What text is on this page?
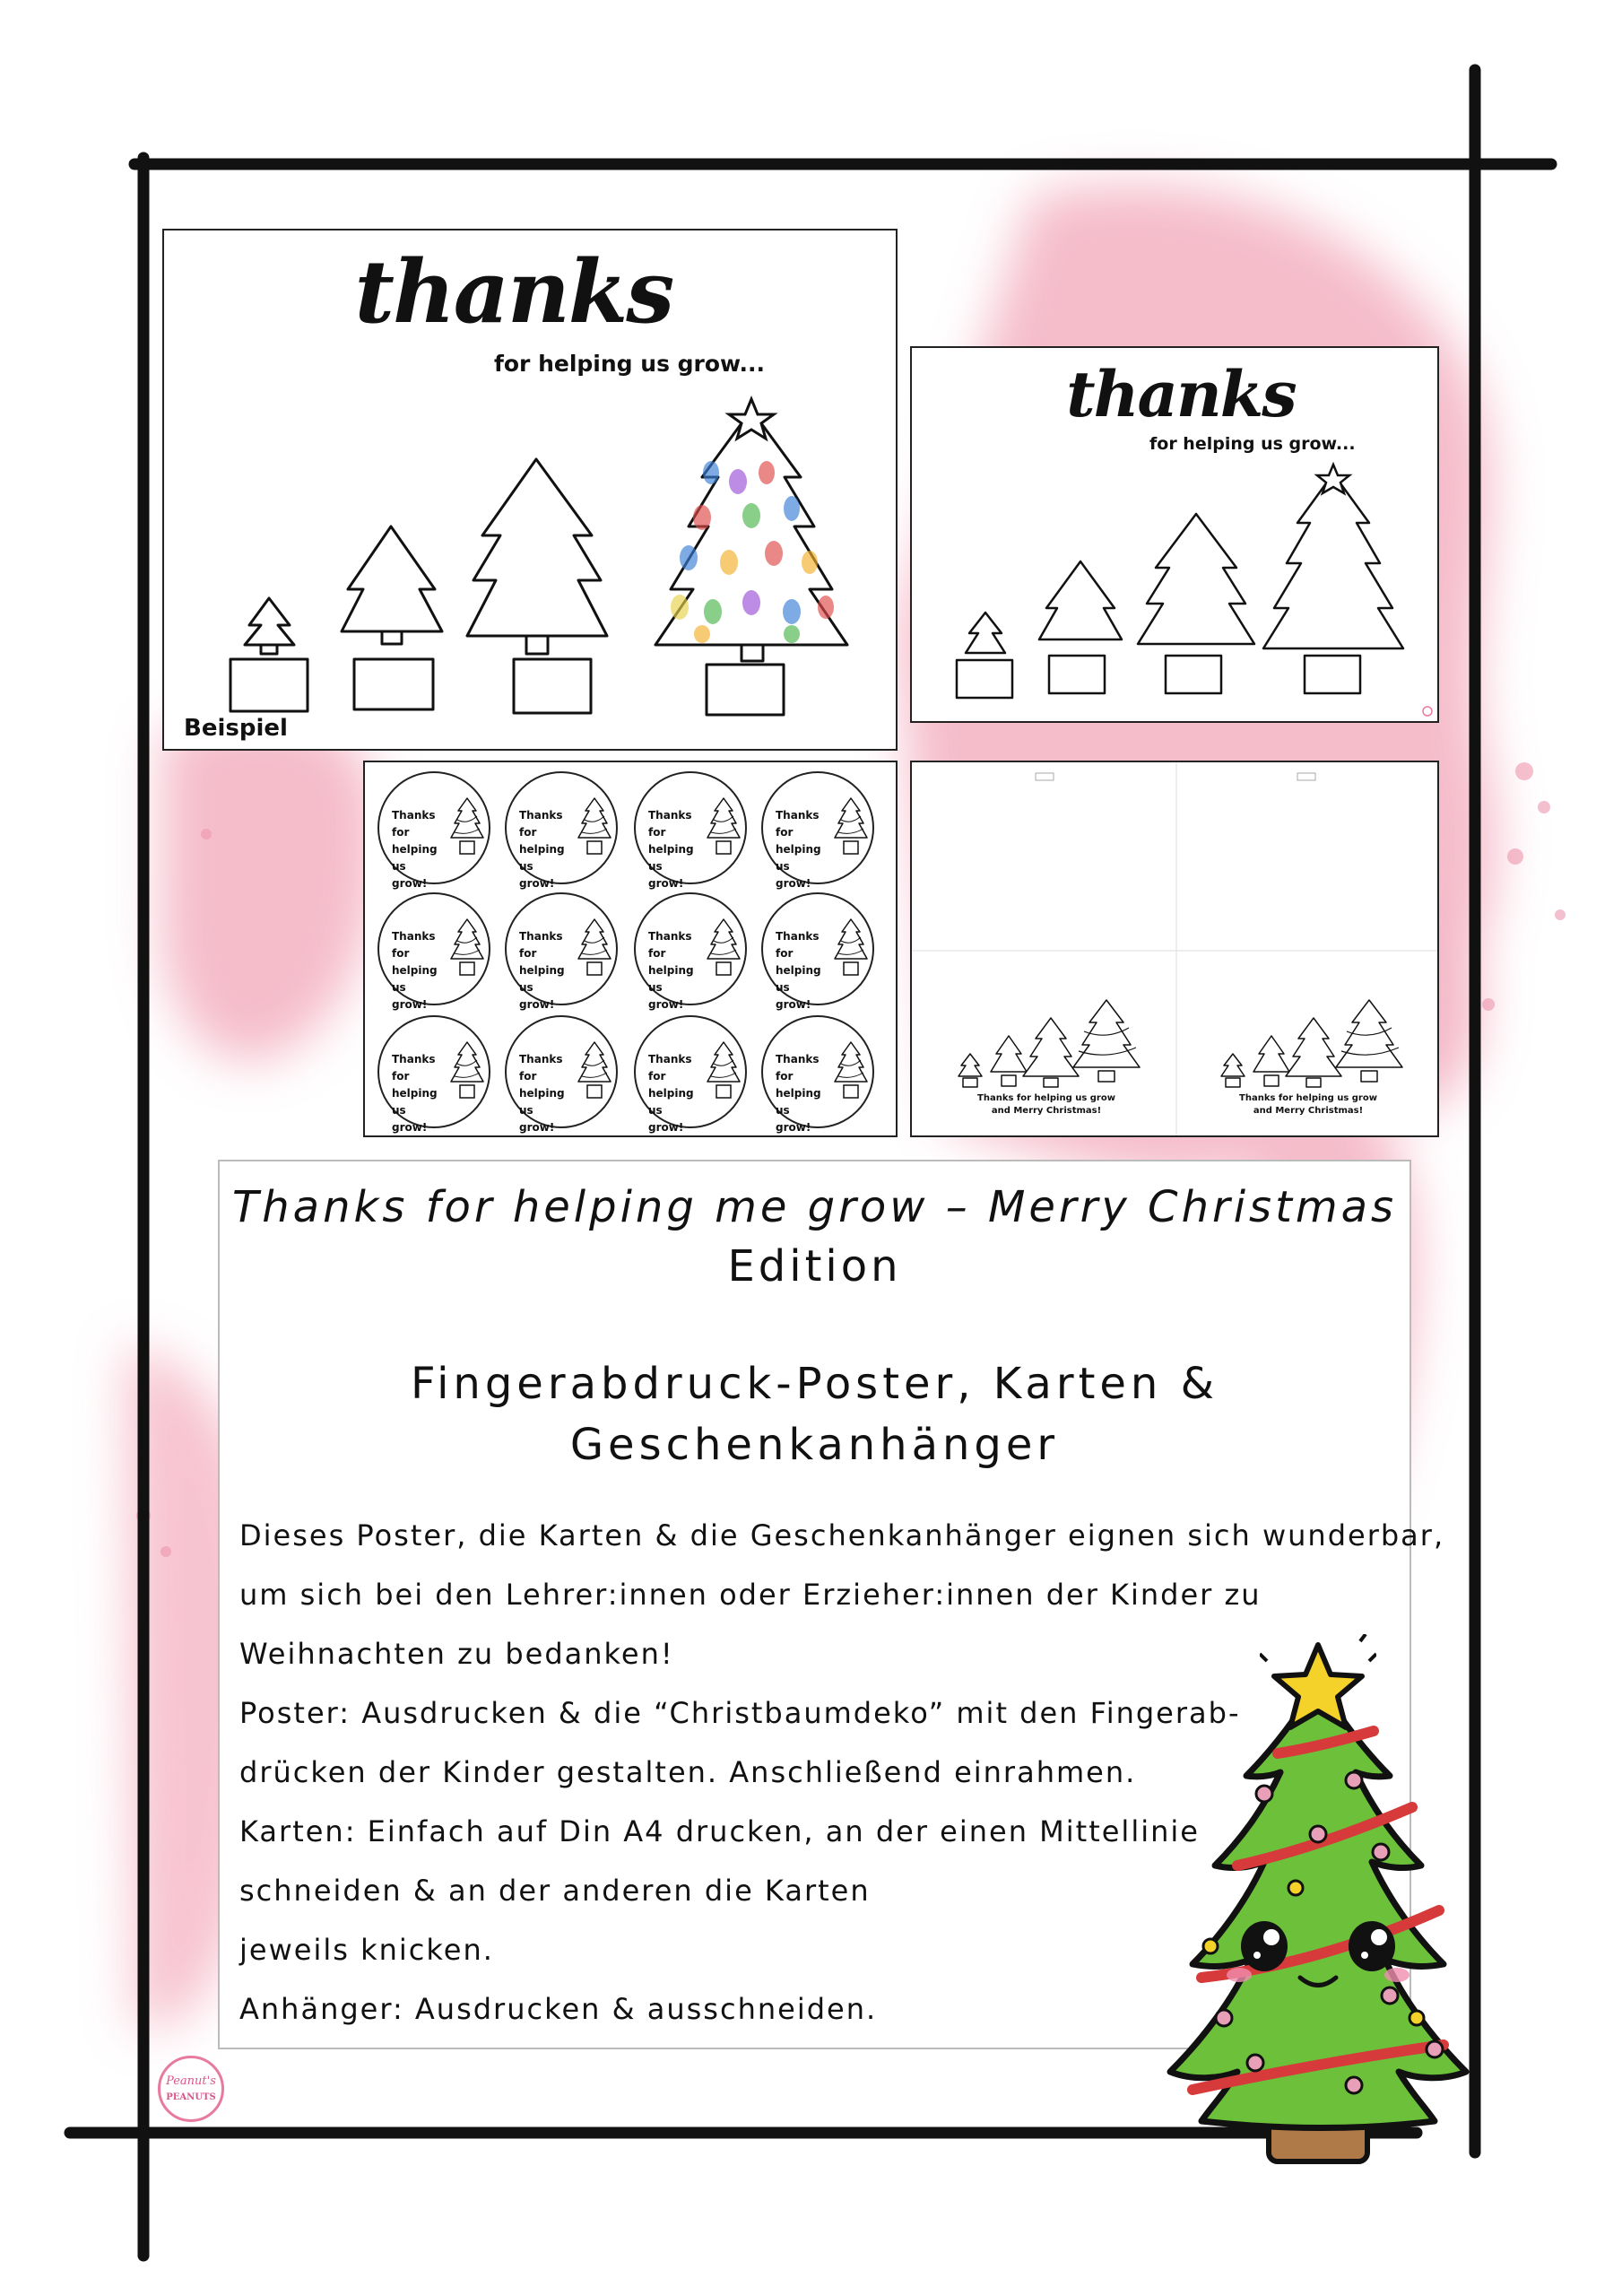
thanks
for helping us grow...
Beispiel
thanks
for helping us grow...
Thanks for
helping us
grow!
Thanks for
helping us
grow!
Thanks for
helping us
grow!
Thanks for
helping us
grow!
Thanks for
helping us
grow!
Thanks for
helping us
grow!
Thanks for
helping us
grow!
Thanks for
helping us
grow!
Thanks for
helping us
grow!
Thanks for
helping us
grow!
Thanks for
helping us
grow!
Thanks for
helping us
grow!
Thanks for helping us grow
and Merry Christmas!
Thanks for helping us grow
and Merry Christmas!
Thanks for helping me grow – Merry Christmas
Edition
Fingerabdruck-Poster, Karten &
Geschenkanhänger
Dieses Poster, die Karten & die Geschenkanhänger eignen sich wunderbar,
um sich bei den Lehrer:innen oder Erzieher:innen der Kinder zu
Weihnachten zu bedanken!
Poster: Ausdrucken & die “Christbaumdeko” mit den Fingerab-
drücken der Kinder gestalten. Anschließend einrahmen.
Karten: Einfach auf Din A4 drucken, an der einen Mittellinie
schneiden & an der anderen die Karten
jeweils knicken.
Anhänger: Ausdrucken & ausschneiden.
Peanut's
PEANUTS
